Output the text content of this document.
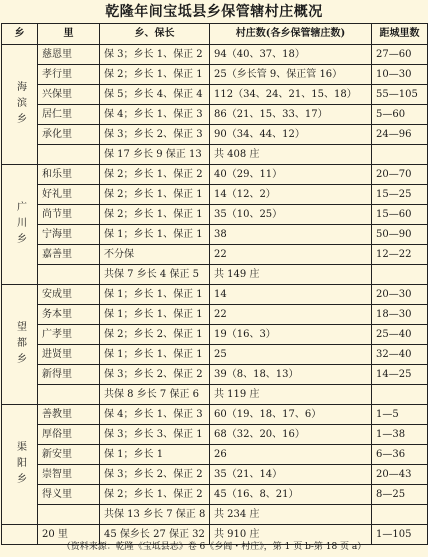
乾隆年间宝坻县乡保管辖村庄概况
乡	里	乡、保长	村庄数(各乡保管辖庄数)	距城里数
海滨乡	慈恩里	保 3；乡长 1、保正 2	94（40、37、18）	27—60
	孝行里	保 2；乡长 1、保正 1	25（乡长管 9、保正管 16）	10—30
	兴保里	保 5；乡长 4、保正 4	112（34、24、21、15、18）	55—105
	居仁里	保 4；乡长 1、保正 3	86（21、15、33、17）	5—60
	承化里	保 3；乡长 2、保正 3	90（34、44、12）	24—96
		保 17 乡长 9 保正 13	共 408 庄	
广川乡	和乐里	保 2；乡长 1、保正 2	40（29、11）	20—70
	好礼里	保 2；乡长 1、保正 1	14（12、2）	15—25
	尚节里	保 2；乡长 1、保正 1	35（10、25）	15—60
	宁海里	保 1；乡长 1、保正 1	38	50—90
	嘉善里	不分保	22	12—22
		共保 7 乡长 4 保正 5	共 149 庄	
望都乡	安成里	保 1；乡长 1、保正 1	14	20—30
	务本里	保 1；乡长 1、保正 1	22	18—30
	广孝里	保 2；乡长 2、保正 1	19（16、3）	25—40
	进贤里	保 1；乡长 1、保正 1	25	32—40
	新得里	保 3；乡长 2、保正 2	39（8、18、13）	14—25
		共保 8 乡长 7 保正 6	共 119 庄	
渠阳乡	善教里	保 4；乡长 1、保正 3	60（19、18、17、6）	1—5
	厚俗里	保 3；乡长 3、保正 1	68（32、20、16）	1—38
	新安里	保 1；乡长 1	26	6—36
	崇智里	保 3；乡长 2、保正 2	35（21、14）	20—43
	得义里	保 2；乡长 1、保正 2	45（16、8、21）	8—25
		共保 13 乡长 7 保正 8	共 234 庄	
	20 里	45 保乡长 27 保正 32	共 910 庄	1—105
（资料来源：乾隆《宝坻县志》卷 6《乡闾・村庄》，第 1 页 b-第 18 页 a）
